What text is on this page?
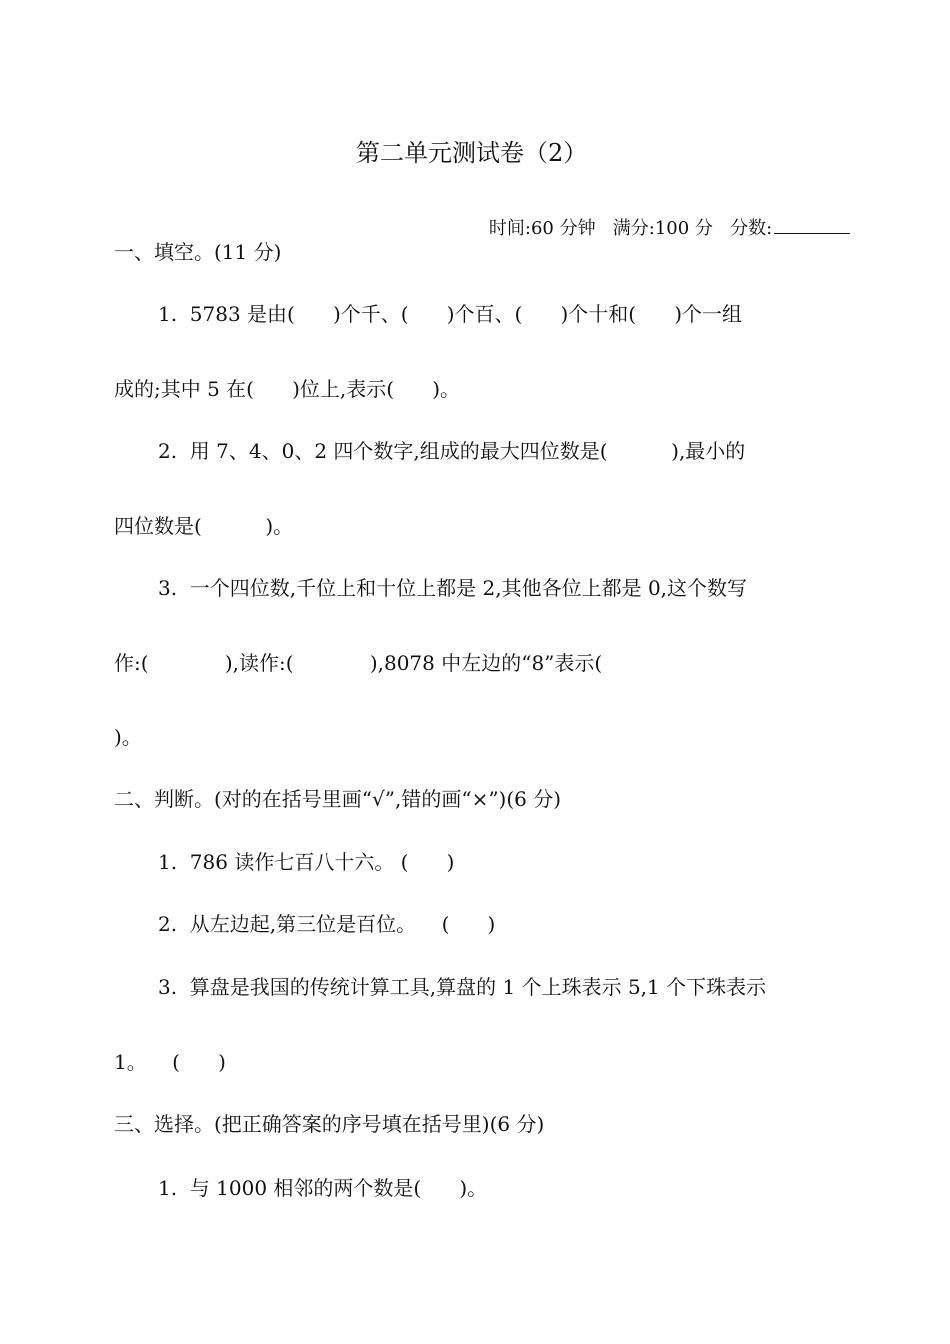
第二单元测试卷（2）

时间:60 分钟 满分:100 分 分数:

一、填空。(11 分)
1.  5783 是由(      )个千、(      )个百、(      )个十和(      )个一组
成的;其中 5 在(      )位上,表示(      )。
2.  用 7、4、0、2 四个数字,组成的最大四位数是(          ),最小的
四位数是(          )。
3.  一个四位数,千位上和十位上都是 2,其他各位上都是 0,这个数写
作:(            ),读作:(            ),8078 中左边的“8”表示(
)。
二、判断。(对的在括号里画“√”,错的画“×”)(6 分)
1.  786 读作七百八十六。 (      )
2.  从左边起,第三位是百位。    (      )
3.  算盘是我国的传统计算工具,算盘的 1 个上珠表示 5,1 个下珠表示
1。    (      )
三、选择。(把正确答案的序号填在括号里)(6 分)
1.  与 1000 相邻的两个数是(      )。
